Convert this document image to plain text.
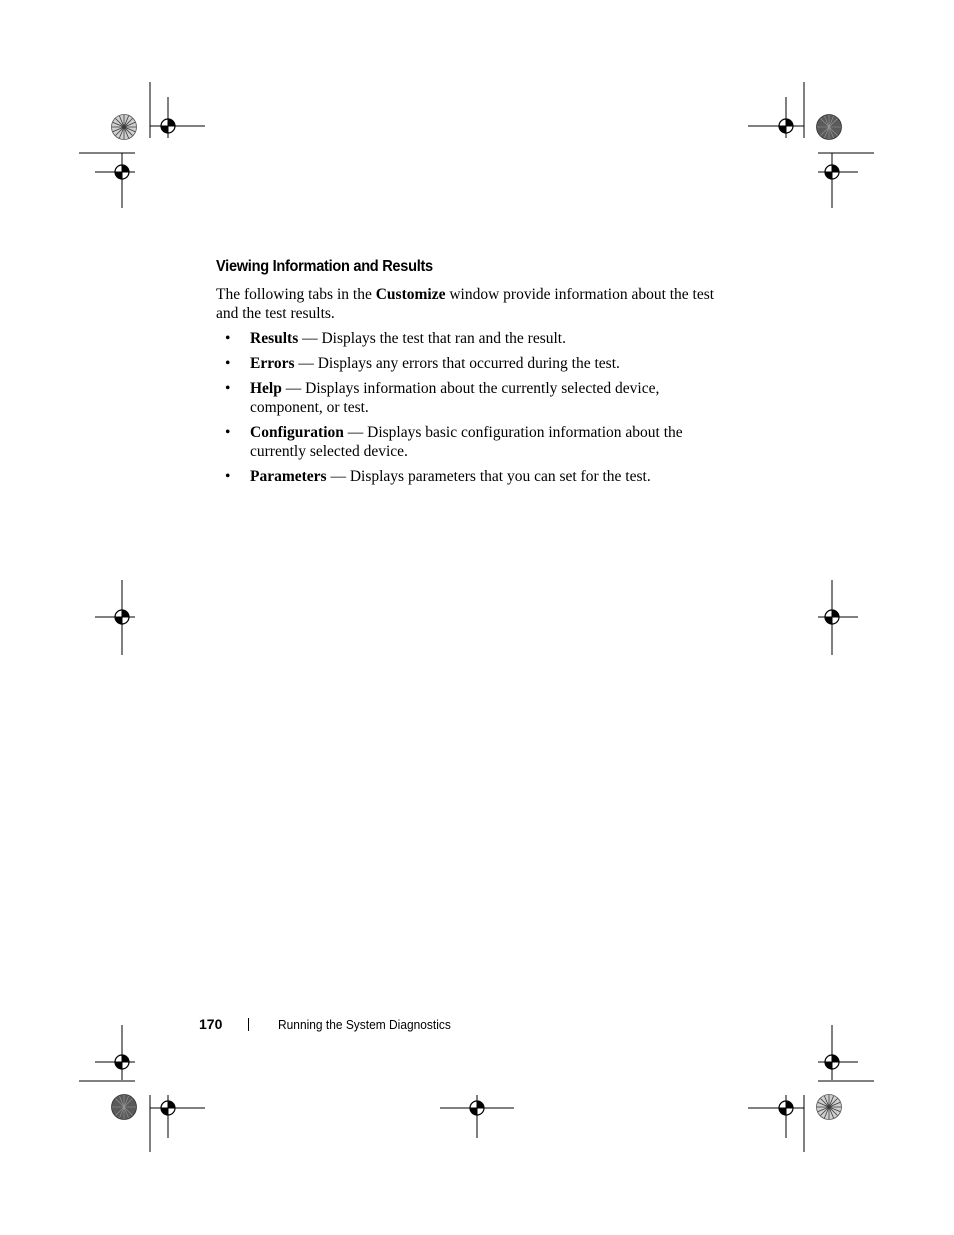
Viewing Information and Results

The following tabs in the Customize window provide information about the test and the test results.

• Results — Displays the test that ran and the result.
• Errors — Displays any errors that occurred during the test.
• Help — Displays information about the currently selected device, component, or test.
• Configuration — Displays basic configuration information about the currently selected device.
• Parameters — Displays parameters that you can set for the test.
170	Running the System Diagnostics
